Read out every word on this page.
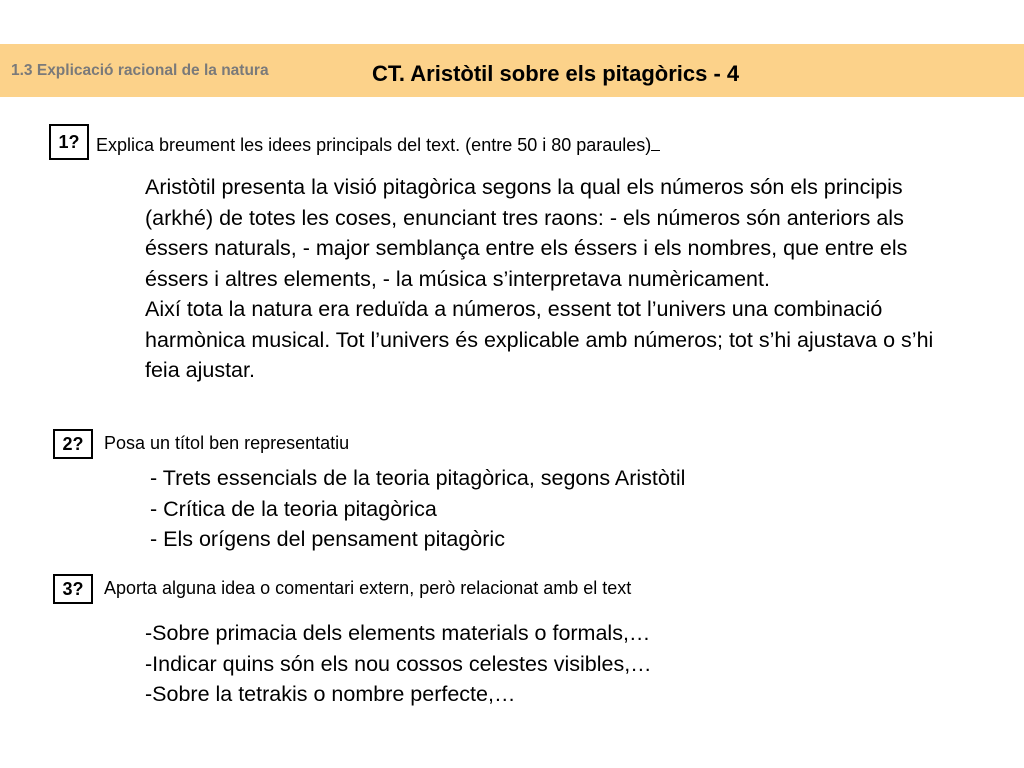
1.3 Explicació racional de la natura	CT. Aristòtil sobre els pitagòrics - 4
1? Explica breument les idees principals del text. (entre 50 i 80 paraules)

Aristòtil presenta la visió pitagòrica segons la qual els números són els principis (arkhé) de totes les coses, enunciant tres raons: - els números són anteriors als éssers naturals, - major semblança entre els éssers i els nombres, que entre els éssers i altres elements, - la música s’interpretava numèricament.

Així tota la natura era reduïda a números, essent tot l’univers una combinació harmònica musical. Tot l’univers és explicable amb números; tot s’hi ajustava o s’hi feia ajustar.

2?	Posa un títol ben representatiu
- Trets essencials de la teoria pitagòrica, segons Aristòtil
- Crítica de la teoria pitagòrica
- Els orígens del pensament pitagòric
3?	Aporta alguna idea o comentari extern, però relacionat amb el text
-Sobre primacia dels elements materials o formals,…
-Indicar quins són els nou cossos celestes visibles,…
-Sobre la tetrakis o nombre perfecte,…
